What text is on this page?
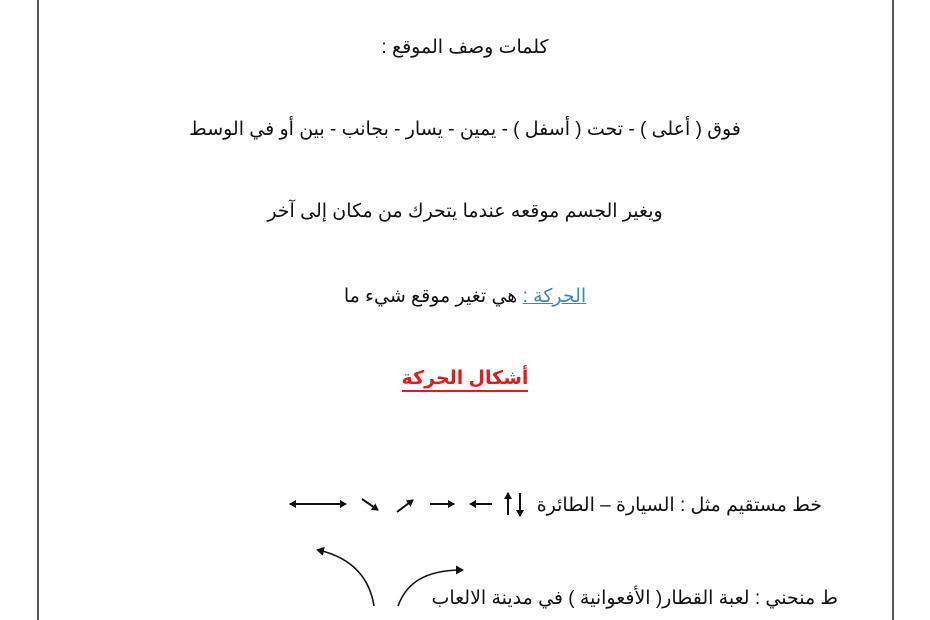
كلمات وصف الموقع :
فوق ( أعلى ) - تحت ( أسفل ) - يمين - يسار - بجانب - بين أو في الوسط
ويغير الجسم موقعه عندما يتحرك من مكان إلى آخر
الحركة : هي تغير موقع شيء ما
أشكال الحركة
خط مستقيم مثل : السيارة – الطائرة
ط منحني : لعبة القطار( الأفعوانية ) في مدينة الالعاب
